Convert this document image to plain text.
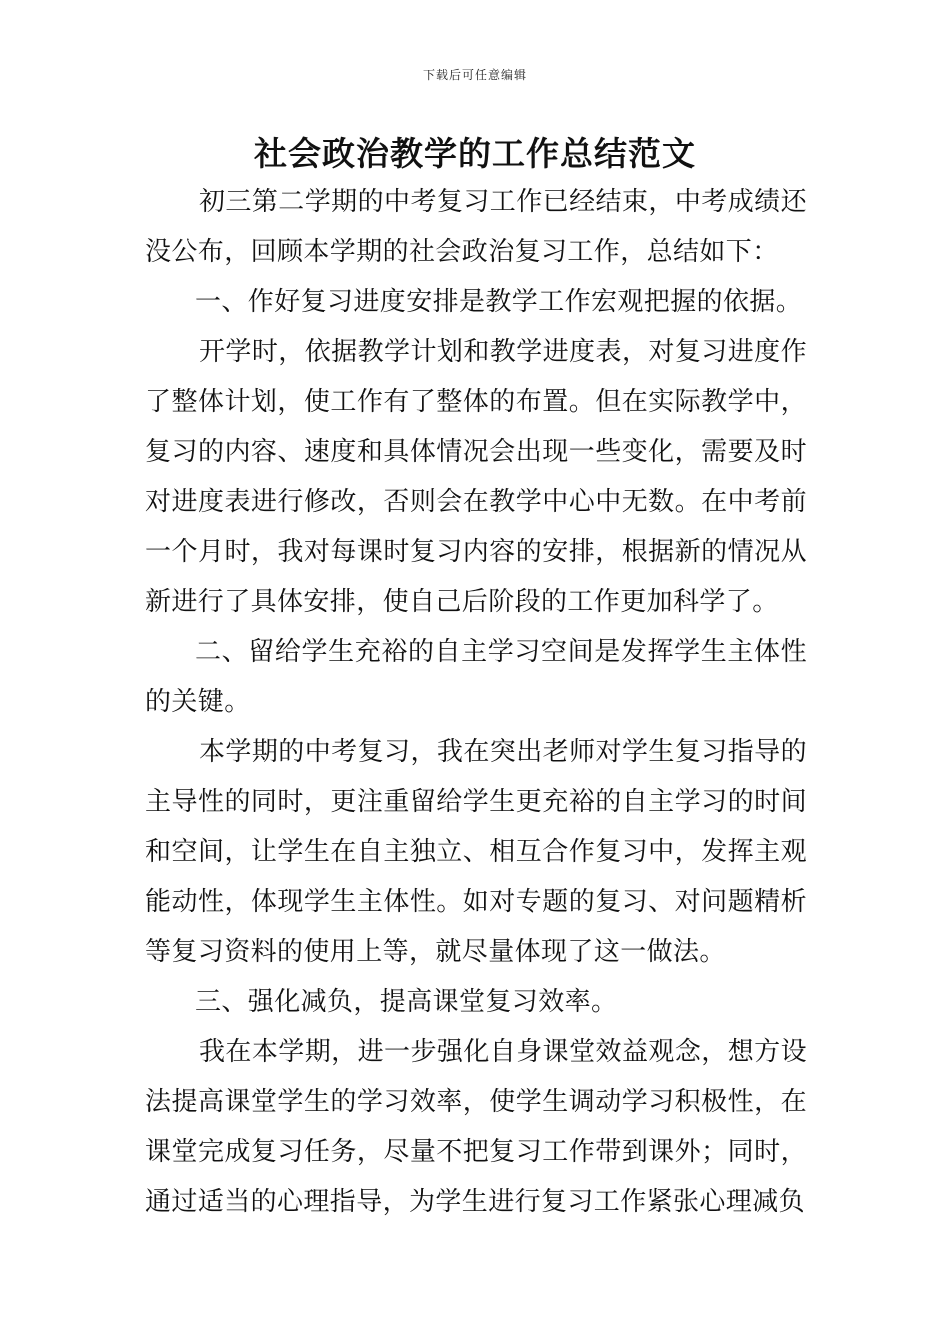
下载后可任意编辑
社会政治教学的工作总结范文

初三第二学期的中考复习工作已经结束，中考成绩还没公布，回顾本学期的社会政治复习工作，总结如下：

一、作好复习进度安排是教学工作宏观把握的依据。

开学时，依据教学计划和教学进度表，对复习进度作了整体计划，使工作有了整体的布置。但在实际教学中，复习的内容、速度和具体情况会出现一些变化，需要及时对进度表进行修改，否则会在教学中心中无数。在中考前一个月时，我对每课时复习内容的安排，根据新的情况从新进行了具体安排，使自己后阶段的工作更加科学了。

二、留给学生充裕的自主学习空间是发挥学生主体性的关键。

本学期的中考复习，我在突出老师对学生复习指导的主导性的同时，更注重留给学生更充裕的自主学习的时间和空间，让学生在自主独立、相互合作复习中，发挥主观能动性，体现学生主体性。如对专题的复习、对问题精析等复习资料的使用上等，就尽量体现了这一做法。

三、强化减负，提高课堂复习效率。

我在本学期，进一步强化自身课堂效益观念，想方设法提高课堂学生的学习效率，使学生调动学习积极性，在课堂完成复习任务，尽量不把复习工作带到课外；同时，通过适当的心理指导，为学生进行复习工作紧张心理减负
